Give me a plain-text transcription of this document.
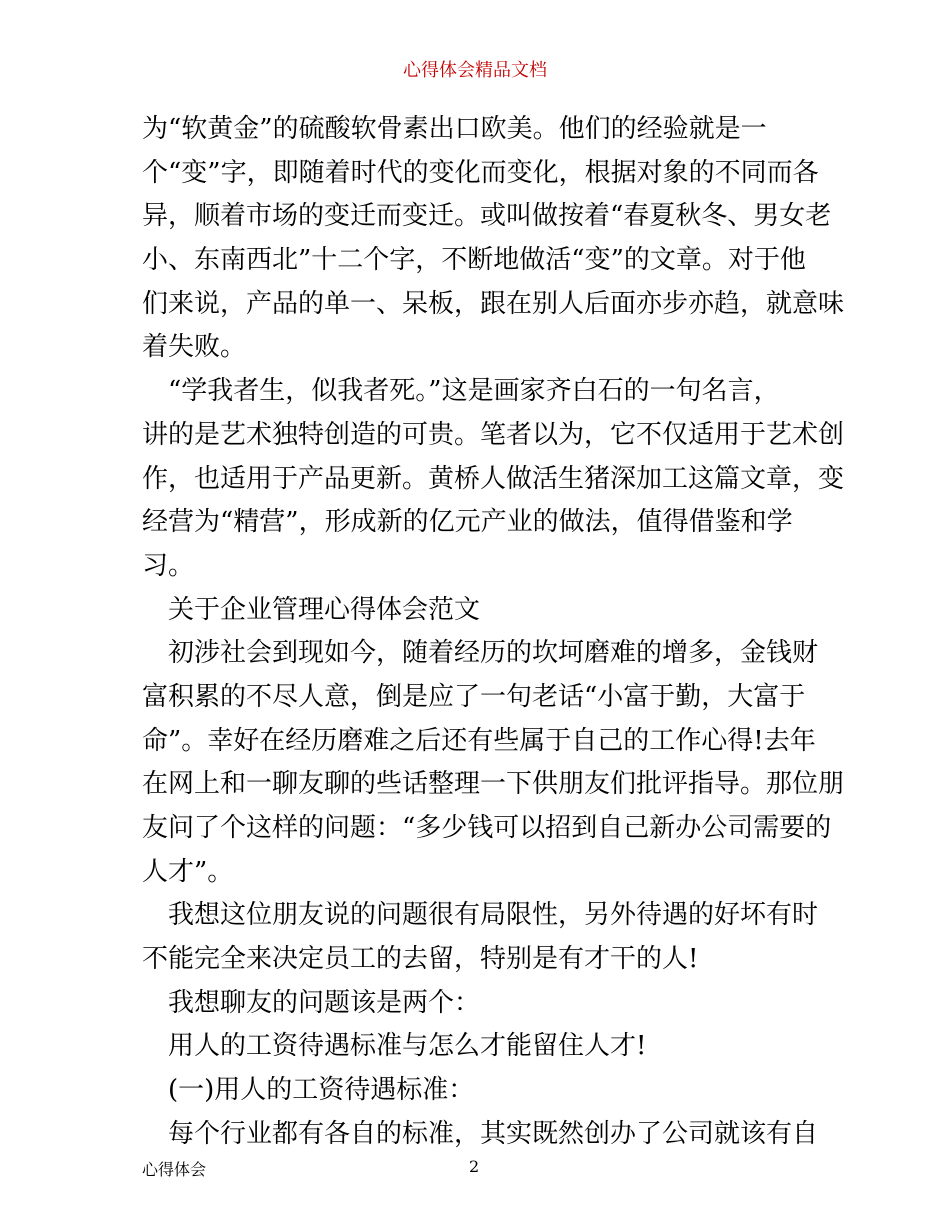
心得体会精品文档
为“软黄金”的硫酸软骨素出口欧美。他们的经验就是一
个“变”字，即随着时代的变化而变化，根据对象的不同而各
异，顺着市场的变迁而变迁。或叫做按着“春夏秋冬、男女老
小、东南西北”十二个字，不断地做活“变”的文章。对于他
们来说，产品的单一、呆板，跟在别人后面亦步亦趋，就意味
着失败。
　“学我者生，似我者死。”这是画家齐白石的一句名言，
讲的是艺术独特创造的可贵。笔者以为，它不仅适用于艺术创
作，也适用于产品更新。黄桥人做活生猪深加工这篇文章，变
经营为“精营”，形成新的亿元产业的做法，值得借鉴和学
习。
　关于企业管理心得体会范文
　初涉社会到现如今，随着经历的坎坷磨难的增多，金钱财
富积累的不尽人意，倒是应了一句老话“小富于勤，大富于
命”。幸好在经历磨难之后还有些属于自己的工作心得!去年
在网上和一聊友聊的些话整理一下供朋友们批评指导。那位朋
友问了个这样的问题：“多少钱可以招到自己新办公司需要的
人才”。
　我想这位朋友说的问题很有局限性，另外待遇的好坏有时
不能完全来决定员工的去留，特别是有才干的人!
　我想聊友的问题该是两个：
　用人的工资待遇标准与怎么才能留住人才!
　(一)用人的工资待遇标准：
　每个行业都有各自的标准，其实既然创办了公司就该有自
心得体会	2
